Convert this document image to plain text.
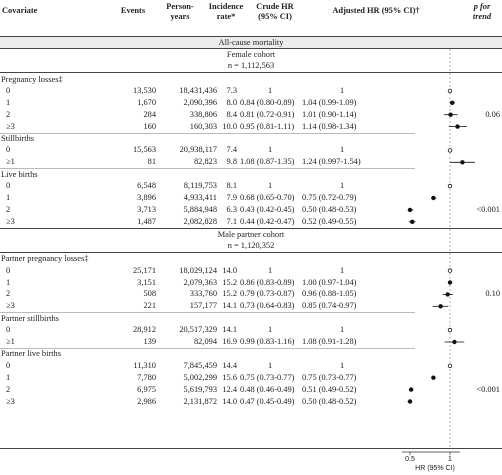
Covariate	Events	Person-
years
Incidence
rate*
Crude HR
(95% CI)
Adjusted HR (95% CI)†	p for
trend
All-cause mortality
Female cohort
n = 1,112,563
Pregnancy losses‡
0	13,530	18,431,436 7.3	1	1
1	1,670	2,090,396 8.0 0.84 (0.80-0.89) 1.04 (0.99-1.09)
2	284	338,806 8.4 0.81 (0.72-0.91) 1.01 (0.90-1.14)	0.06
≥3	160	160,303 10.0 0.95 (0.81-1.11) 1.14 (0.98-1.34)
Stillbirths
0	15,563	20,938,117 7.4	1	1
≥1	81	82,823 9.8 1.08 (0.87-1.35) 1.24 (0.997-1.54)
Live births
0	6,548	8,119,753 8.1	1	1
1	3,896	4,933,411 7.9 0.68 (0.65-0.70) 0.75 (0.72-0.79)
2	3,713	5,884,948 6.3 0.43 (0.42-0.45) 0.50 (0.48-0.53)	<0.001
≥3	1,487	2,082,828 7.1 0.44 (0.42-0.47) 0.52 (0.49-0.55)
Male partner cohort
n = 1,120,352
Partner pregnancy losses‡
0	25,171	18,029,124 14.0	1	1
1	3,151	2,079,363 15.2 0.86 (0.83-0.89) 1.00 (0.97-1.04)
2	508	333,760 15.2 0.79 (0.73-0.87) 0.96 (0.88-1.05)	0.10
≥3	221	157,177 14.1 0.73 (0.64-0.83) 0.85 (0.74-0.97)
Partner stillbirths
0	28,912	20,517,329 14.1	1	1
≥1	139	82,094 16.9 0.99 (0.83-1.16) 1.08 (0.91-1.28)
Partner live births
0	11,310	7,845,459 14.4	1	1
1	7,780	5,002,299 15.6 0.75 (0.73-0.77) 0.75 (0.73-0.77)
2	6,975	5,619,793 12.4 0.48 (0.46-0.49) 0.51 (0.49-0.52)	<0.001
≥3	2,986	2,131,872 14.0 0.47 (0.45-0.49) 0.50 (0.48-0.52)
0.5	1
HR (95% CI)
